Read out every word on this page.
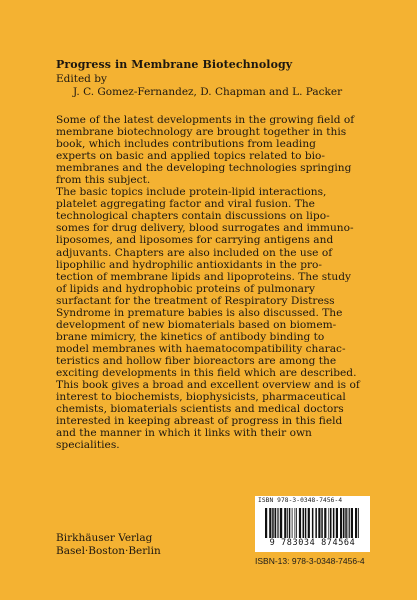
Progress in Membrane Biotechnology
Edited by
J. C. Gomez-Fernandez, D. Chapman and L. Packer
Some of the latest developments in the growing field of
membrane biotechnology are brought together in this
book, which includes contributions from leading
experts on basic and applied topics related to bio-
membranes and the developing technologies springing
from this subject.
The basic topics include protein-lipid interactions,
platelet aggregating factor and viral fusion. The
technological chapters contain discussions on lipo-
somes for drug delivery, blood surrogates and immuno-
liposomes, and liposomes for carrying antigens and
adjuvants. Chapters are also included on the use of
lipophilic and hydrophilic antioxidants in the pro-
tection of membrane lipids and lipoproteins. The study
of lipids and hydrophobic proteins of pulmonary
surfactant for the treatment of Respiratory Distress
Syndrome in premature babies is also discussed. The
development of new biomaterials based on biomem-
brane mimicry, the kinetics of antibody binding to
model membranes with haematocompatibility charac-
teristics and hollow fiber bioreactors are among the
exciting developments in this field which are described.
This book gives a broad and excellent overview and is of
interest to biochemists, biophysicists, pharmaceutical
chemists, biomaterials scientists and medical doctors
interested in keeping abreast of progress in this field
and the manner in which it links with their own
specialities.
Birkhäuser Verlag
Basel·Boston·Berlin
ISBN 978-3-0348-7456-4
9 783034 874564
ISBN-13: 978-3-0348-7456-4
